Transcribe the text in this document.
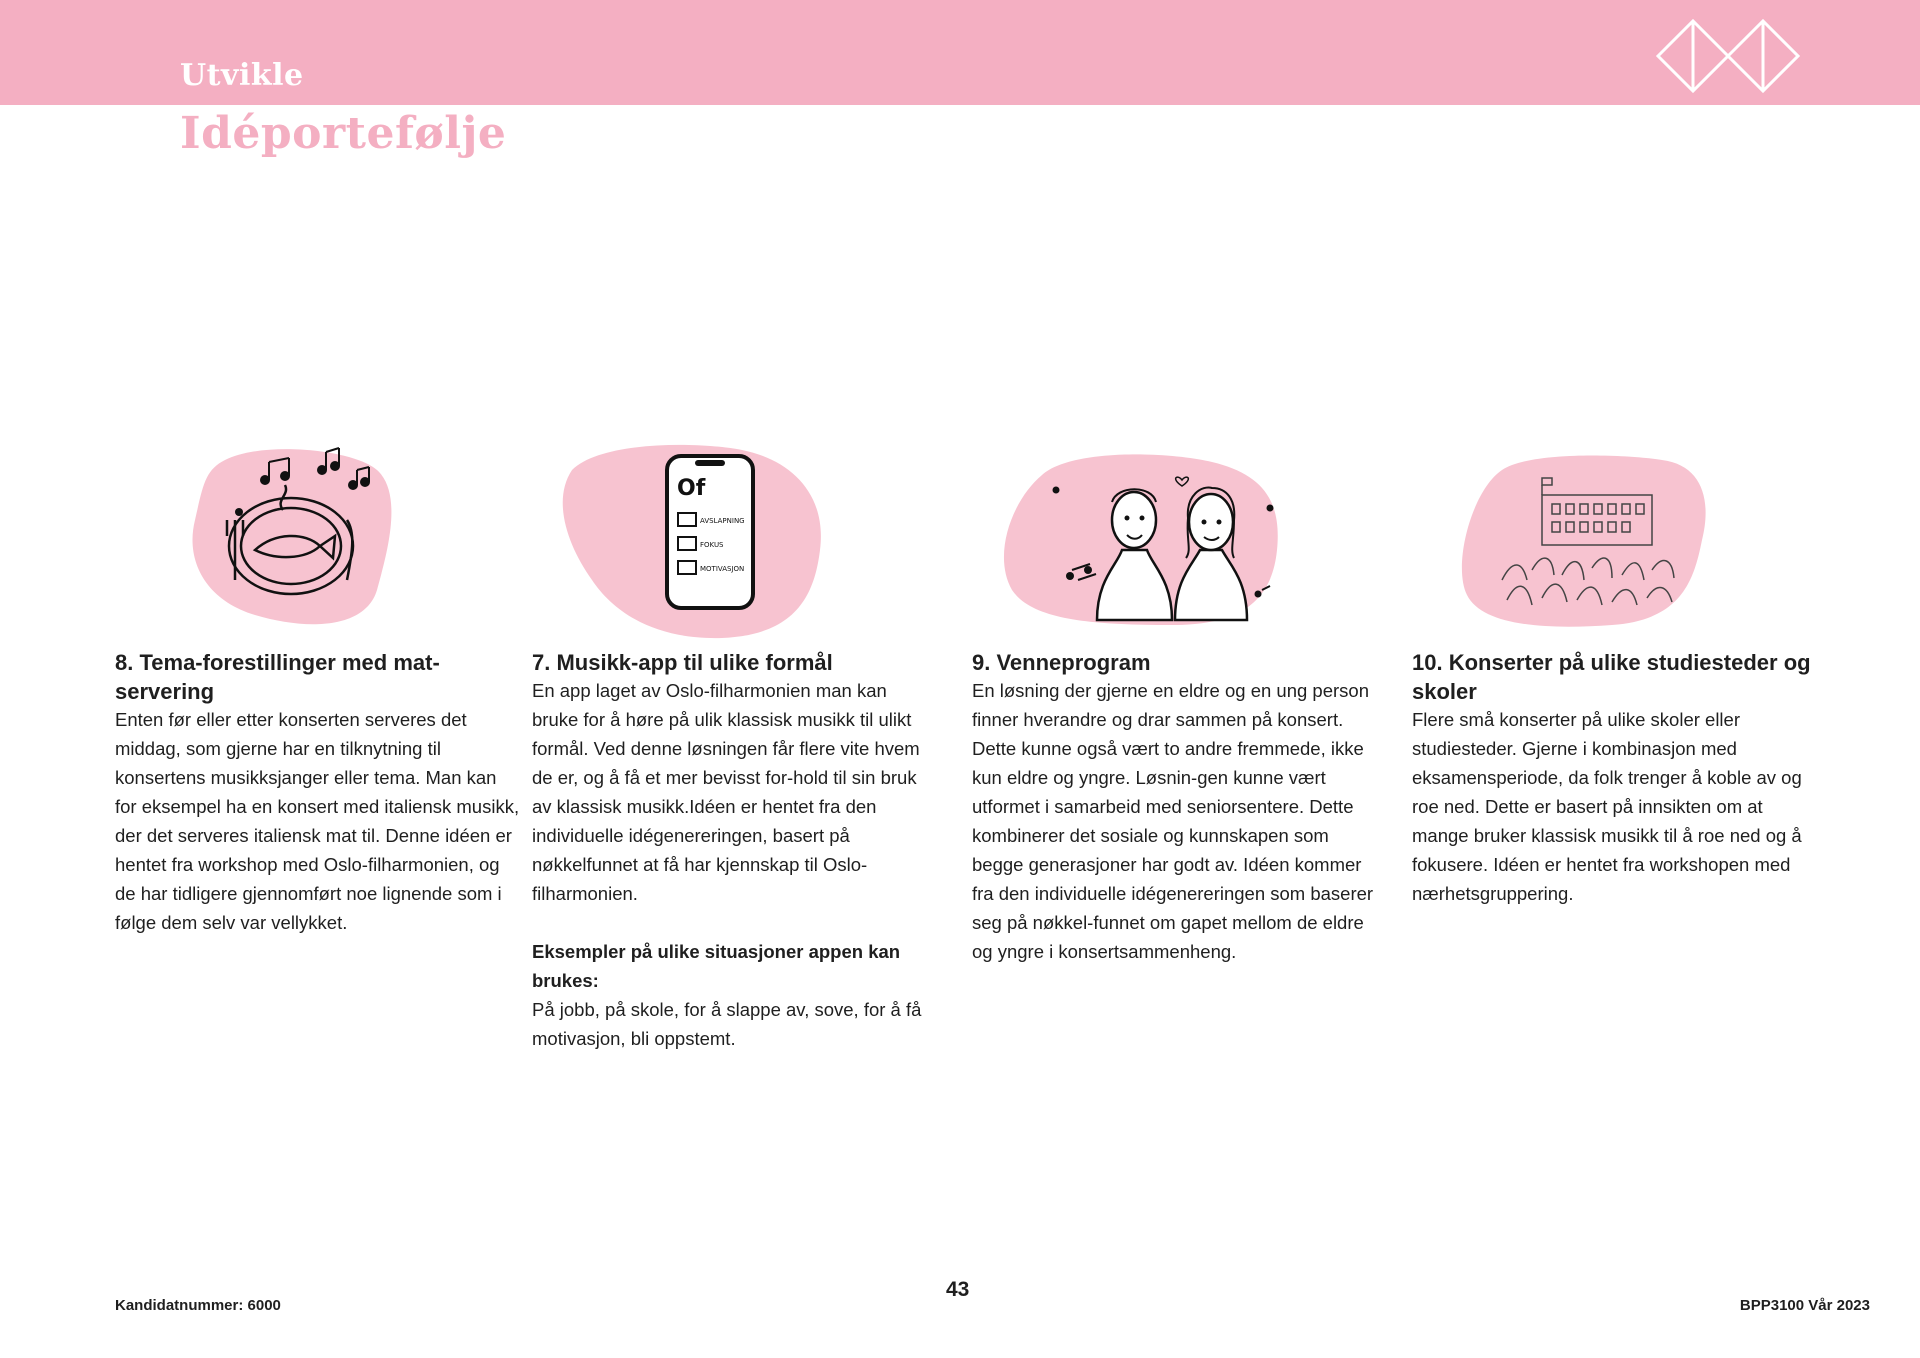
Utvikle
Idéportefølje
8. Tema-forestillinger med mat-servering

Enten før eller etter konserten serveres det middag, som gjerne har en tilknytning til konsertens musikksjanger eller tema. Man kan for eksempel ha en konsert med italiensk musikk, der det serveres italiensk mat til. Denne idéen er hentet fra workshop med Oslo-filharmonien, og de har tidligere gjennomført noe lignende som i følge dem selv var vellykket.

Of
AVSLAPNING
FOKUS
MOTIVASJON
7. Musikk-app til ulike formål

En app laget av Oslo-filharmonien man kan bruke for å høre på ulik klassisk musikk til ulikt formål. Ved denne løsningen får flere vite hvem de er, og å få et mer bevisst for-hold til sin bruk av klassisk musikk.Idéen er hentet fra den individuelle idégenereringen, basert på nøkkelfunnet at få har kjennskap til Oslo-filharmonien.

Eksempler på ulike situasjoner appen kan brukes:

På jobb, på skole, for å slappe av, sove, for å få motivasjon, bli oppstemt.

9. Venneprogram

En løsning der gjerne en eldre og en ung person finner hverandre og drar sammen på konsert. Dette kunne også vært to andre fremmede, ikke kun eldre og yngre. Løsnin-gen kunne vært utformet i samarbeid med seniorsentere. Dette kombinerer det sosiale og kunnskapen som begge generasjoner har godt av. Idéen kommer fra den individuelle idégenereringen som baserer seg på nøkkel-funnet om gapet mellom de eldre og yngre i konsertsammenheng.

10. Konserter på ulike studiesteder og skoler

Flere små konserter på ulike skoler eller studiesteder. Gjerne i kombinasjon med eksamensperiode, da folk trenger å koble av og roe ned. Dette er basert på innsikten om at mange bruker klassisk musikk til å roe ned og å fokusere. Idéen er hentet fra workshopen med nærhetsgruppering.

Kandidatnummer: 6000
43
BPP3100 Vår 2023
